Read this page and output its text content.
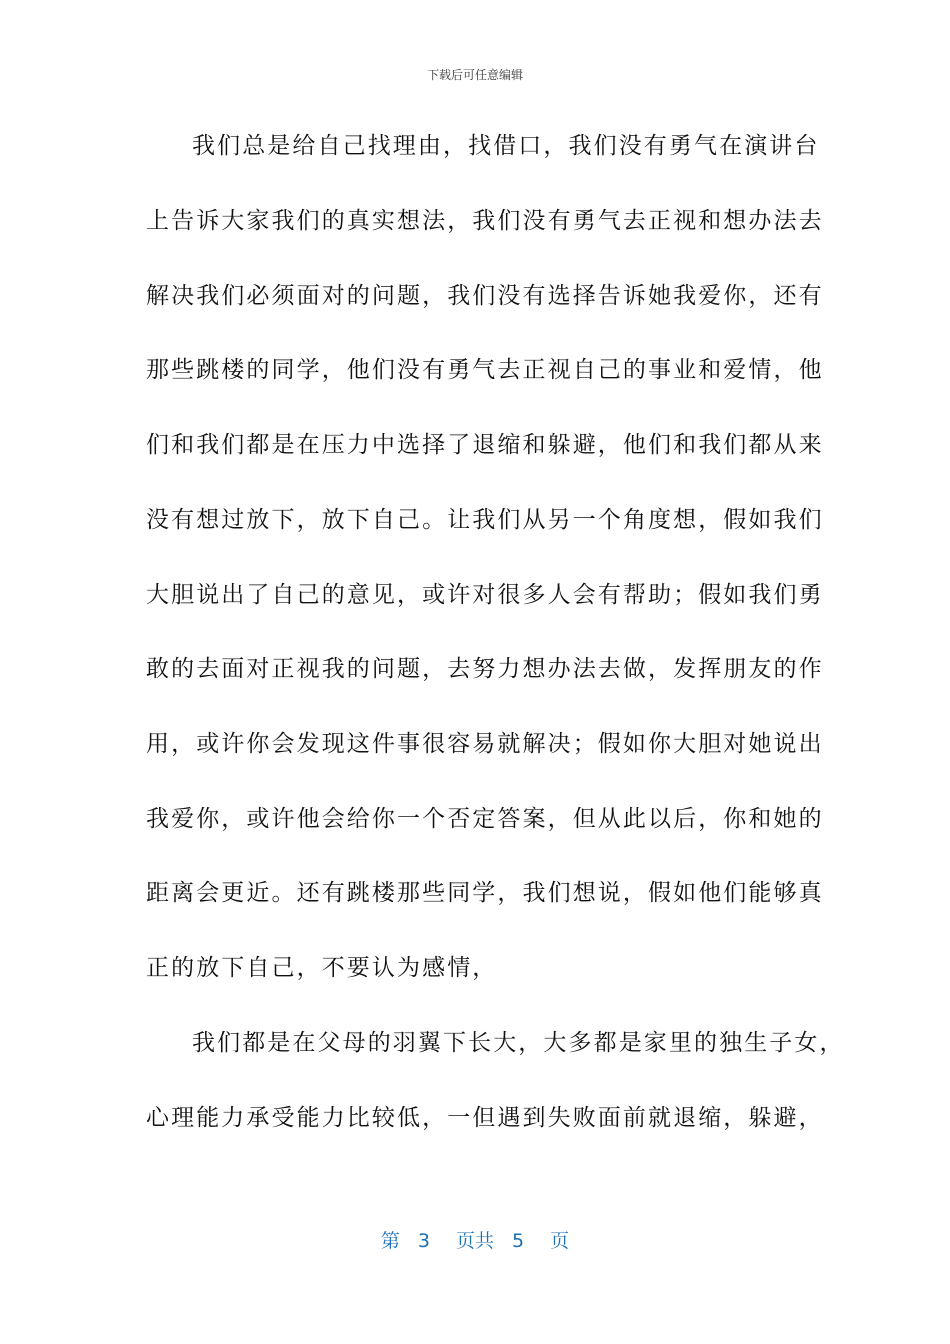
下载后可任意编辑
我们总是给自己找理由，找借口，我们没有勇气在演讲台
上告诉大家我们的真实想法，我们没有勇气去正视和想办法去
解决我们必须面对的问题，我们没有选择告诉她我爱你，还有
那些跳楼的同学，他们没有勇气去正视自己的事业和爱情，他
们和我们都是在压力中选择了退缩和躲避，他们和我们都从来
没有想过放下，放下自己。让我们从另一个角度想，假如我们
大胆说出了自己的意见，或许对很多人会有帮助；假如我们勇
敢的去面对正视我的问题，去努力想办法去做，发挥朋友的作
用，或许你会发现这件事很容易就解决；假如你大胆对她说出
我爱你，或许他会给你一个否定答案，但从此以后，你和她的
距离会更近。还有跳楼那些同学，我们想说，假如他们能够真
正的放下自己，不要认为感情，
我们都是在父母的羽翼下长大，大多都是家里的独生子女，
心理能力承受能力比较低，一但遇到失败面前就退缩，躲避，
第 3 页共 5 页
